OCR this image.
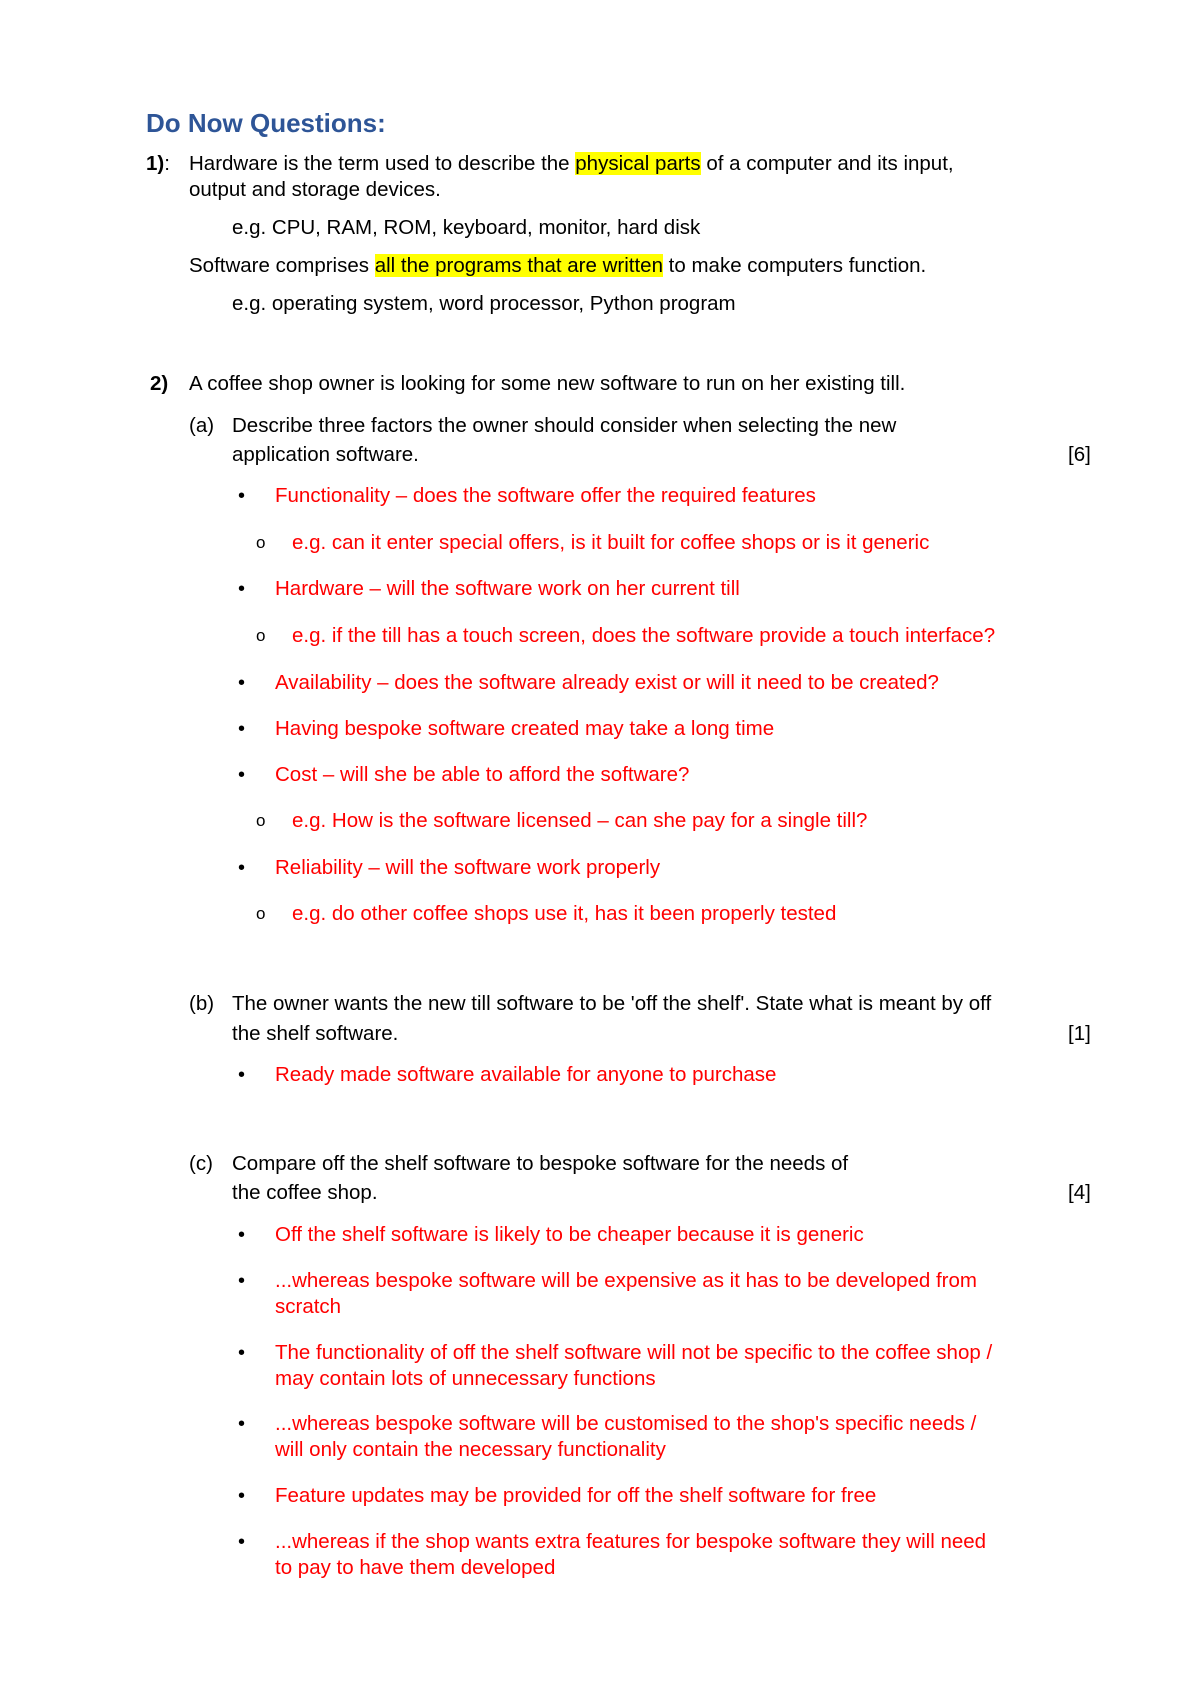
Do Now Questions:
1): Hardware is the term used to describe the physical parts of a computer and its input,
output and storage devices.
e.g. CPU, RAM, ROM, keyboard, monitor, hard disk
Software comprises all the programs that are written to make computers function.
e.g. operating system, word processor, Python program
2) A coffee shop owner is looking for some new software to run on her existing till.
(a) Describe three factors the owner should consider when selecting the new
application software.	[6]
•
Functionality – does the software offer the required features
o e.g. can it enter special offers, is it built for coffee shops or is it generic
•
Hardware – will the software work on her current till
o e.g. if the till has a touch screen, does the software provide a touch interface?
•
Availability – does the software already exist or will it need to be created?
•
Having bespoke software created may take a long time
•
Cost – will she be able to afford the software?
o e.g. How is the software licensed – can she pay for a single till?
•
Reliability – will the software work properly
o e.g. do other coffee shops use it, has it been properly tested
(b) The owner wants the new till software to be 'off the shelf'. State what is meant by off
the shelf software.	[1]
•
Ready made software available for anyone to purchase
(c) Compare off the shelf software to bespoke software for the needs of
the coffee shop.	[4]
•
Off the shelf software is likely to be cheaper because it is generic
•
...whereas bespoke software will be expensive as it has to be developed from
scratch
•
The functionality of off the shelf software will not be specific to the coffee shop /
may contain lots of unnecessary functions
•
...whereas bespoke software will be customised to the shop's specific needs /
will only contain the necessary functionality
•
Feature updates may be provided for off the shelf software for free
•
...whereas if the shop wants extra features for bespoke software they will need
to pay to have them developed
